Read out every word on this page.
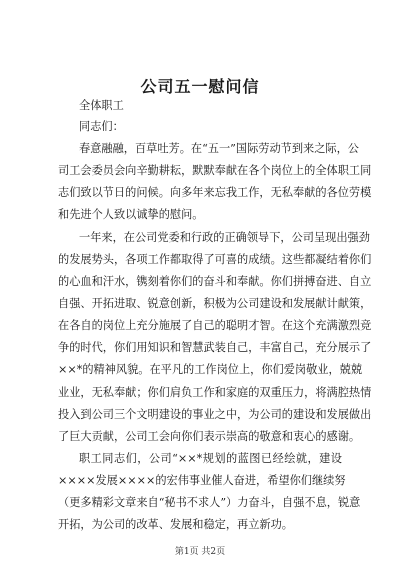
公司五一慰问信
全体职工
同志们：
春意融融，百草吐芳。在“五一”国际劳动节到来之际，公
司工会委员会向辛勤耕耘，默默奉献在各个岗位上的全体职工同
志们致以节日的问候。向多年来忘我工作，无私奉献的各位劳模
和先进个人致以诚挚的慰问。
一年来，在公司党委和行政的正确领导下，公司呈现出强劲
的发展势头，各项工作都取得了可喜的成绩。这些都凝结着你们
的心血和汗水，镌刻着你们的奋斗和奉献。你们拼搏奋进、自立
自强、开拓进取、锐意创新，积极为公司建设和发展献计献策，
在各自的岗位上充分施展了自己的聪明才智。在这个充满激烈竞
争的时代，你们用知识和智慧武装自己，丰富自己，充分展示了
××*的精神风貌。在平凡的工作岗位上，你们爱岗敬业，兢兢
业业，无私奉献；你们肩负工作和家庭的双重压力，将满腔热情
投入到公司三个文明建设的事业之中，为公司的建设和发展做出
了巨大贡献，公司工会向你们表示崇高的敬意和衷心的感谢。
职工同志们，公司“××*规划的蓝图已经绘就，建设
××××发展××××的宏伟事业催人奋进，希望你们继续努
（更多精彩文章来自“秘书不求人”）力奋斗，自强不息，锐意
开拓，为公司的改革、发展和稳定，再立新功。
第1页 共2页
